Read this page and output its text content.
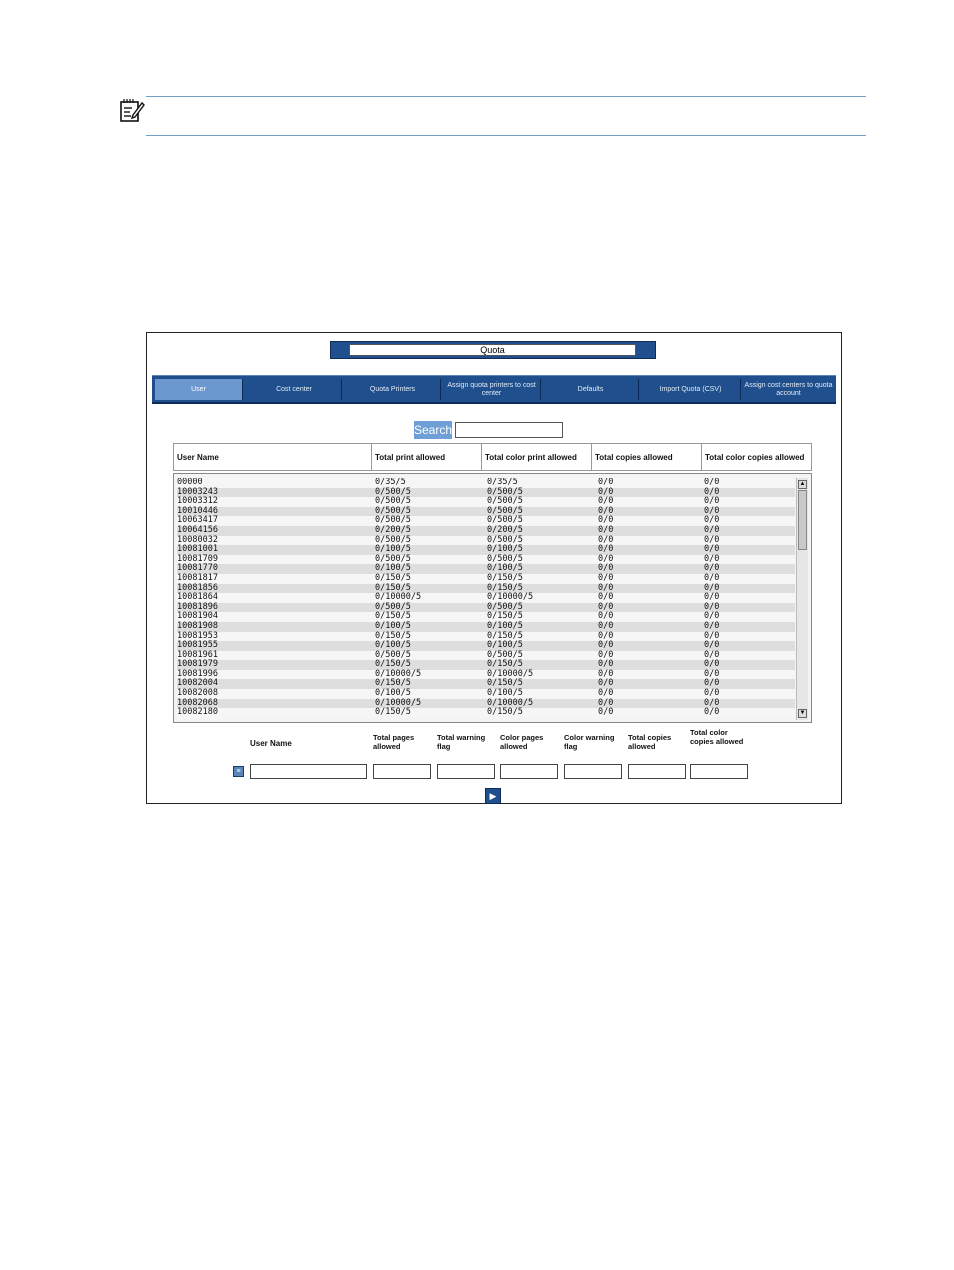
Quota
User	Cost center	Quota Printers
Assign quota printers to cost center
Defaults	Import Quota (CSV)
Assign cost centers to quota account
Search
User Name	Total print allowed	Total color print allowed	Total copies allowed	Total color copies allowed
00000	0/35/5	0/35/5	0/0	0/0
10003243	0/500/5	0/500/5	0/0	0/0
10003312	0/500/5	0/500/5	0/0	0/0
10010446	0/500/5	0/500/5	0/0	0/0
10063417	0/500/5	0/500/5	0/0	0/0
10064156	0/200/5	0/200/5	0/0	0/0
10080032	0/500/5	0/500/5	0/0	0/0
10081001	0/100/5	0/100/5	0/0	0/0
10081709	0/500/5	0/500/5	0/0	0/0
10081770	0/100/5	0/100/5	0/0	0/0
10081817	0/150/5	0/150/5	0/0	0/0
10081856	0/150/5	0/150/5	0/0	0/0
10081864	0/10000/5	0/10000/5	0/0	0/0
10081896	0/500/5	0/500/5	0/0	0/0
10081904	0/150/5	0/150/5	0/0	0/0
10081908	0/100/5	0/100/5	0/0	0/0
10081953	0/150/5	0/150/5	0/0	0/0
10081955	0/100/5	0/100/5	0/0	0/0
10081961	0/500/5	0/500/5	0/0	0/0
10081979	0/150/5	0/150/5	0/0	0/0
10081996	0/10000/5	0/10000/5	0/0	0/0
10082004	0/150/5	0/150/5	0/0	0/0
10082008	0/100/5	0/100/5	0/0	0/0
10082068	0/10000/5	0/10000/5	0/0	0/0
10082180	0/150/5	0/150/5	0/0	0/0
▲
▼
User Name
Total pages allowed
Total warning flag
Color pages allowed
Color warning flag
Total copies allowed
Total color copies allowed
≡
▶
